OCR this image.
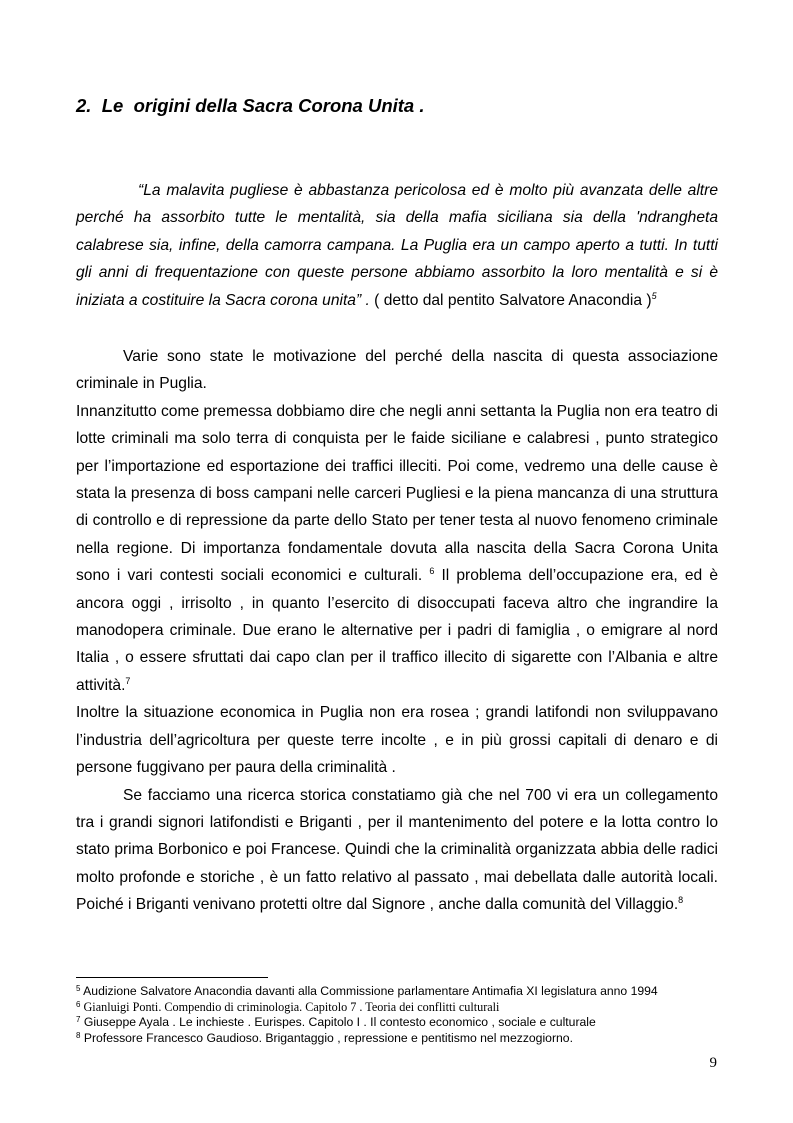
2.  Le  origini della Sacra Corona Unita .

“La malavita pugliese è abbastanza pericolosa ed è molto più avanzata delle altre perché ha assorbito tutte le mentalità, sia della mafia siciliana sia della 'ndrangheta calabrese sia, infine, della camorra campana. La Puglia era un campo aperto a tutti. In tutti gli anni di frequentazione con queste persone abbiamo assorbito la loro mentalità e si è iniziata a costituire la Sacra corona unita” . ( detto dal pentito Salvatore Anacondia )$^5$

Varie sono state le motivazione del perché della nascita di questa associazione criminale in Puglia.
Innanzitutto come premessa dobbiamo dire che negli anni settanta la Puglia non era teatro di lotte criminali ma solo terra di conquista per le faide siciliane e calabresi , punto strategico per l’importazione ed esportazione dei traffici illeciti. Poi come, vedremo una delle cause è stata la presenza di boss campani nelle carceri Pugliesi e la piena mancanza di una struttura di controllo e di repressione da parte dello Stato per tener testa al nuovo fenomeno criminale nella regione. Di importanza fondamentale dovuta alla nascita della Sacra Corona Unita sono i vari contesti sociali economici e culturali. $^6$ Il problema dell’occupazione era, ed è ancora oggi , irrisolto , in quanto l’esercito di disoccupati faceva altro che ingrandire la manodopera criminale. Due erano le alternative per i padri di famiglia , o emigrare al nord Italia , o essere sfruttati dai capo clan per il traffico illecito di sigarette con l’Albania e altre attività.$^7$
Inoltre la situazione economica in Puglia non era rosea ; grandi latifondi non sviluppavano l’industria dell’agricoltura per queste terre incolte , e in più grossi capitali di denaro e di persone fuggivano per paura della criminalità .
Se facciamo una ricerca storica constatiamo già che nel 700 vi era un collegamento tra i grandi signori latifondisti e Briganti , per il mantenimento del potere e la lotta contro lo stato prima Borbonico e poi Francese. Quindi che la criminalità organizzata abbia delle radici molto profonde e storiche , è un fatto relativo al passato , mai debellata dalle autorità locali. Poiché i Briganti venivano protetti oltre dal Signore , anche dalla comunità del Villaggio.$^8$
$^5$ Audizione Salvatore Anacondia davanti alla Commissione parlamentare Antimafia XI legislatura anno 1994
$^6$ Gianluigi Ponti. Compendio di criminologia. Capitolo 7 . Teoria dei conflitti culturali
$^7$ Giuseppe Ayala . Le inchieste . Eurispes. Capitolo I . Il contesto economico , sociale e culturale
$^8$ Professore Francesco Gaudioso. Brigantaggio , repressione e pentitismo nel mezzogiorno.
9
